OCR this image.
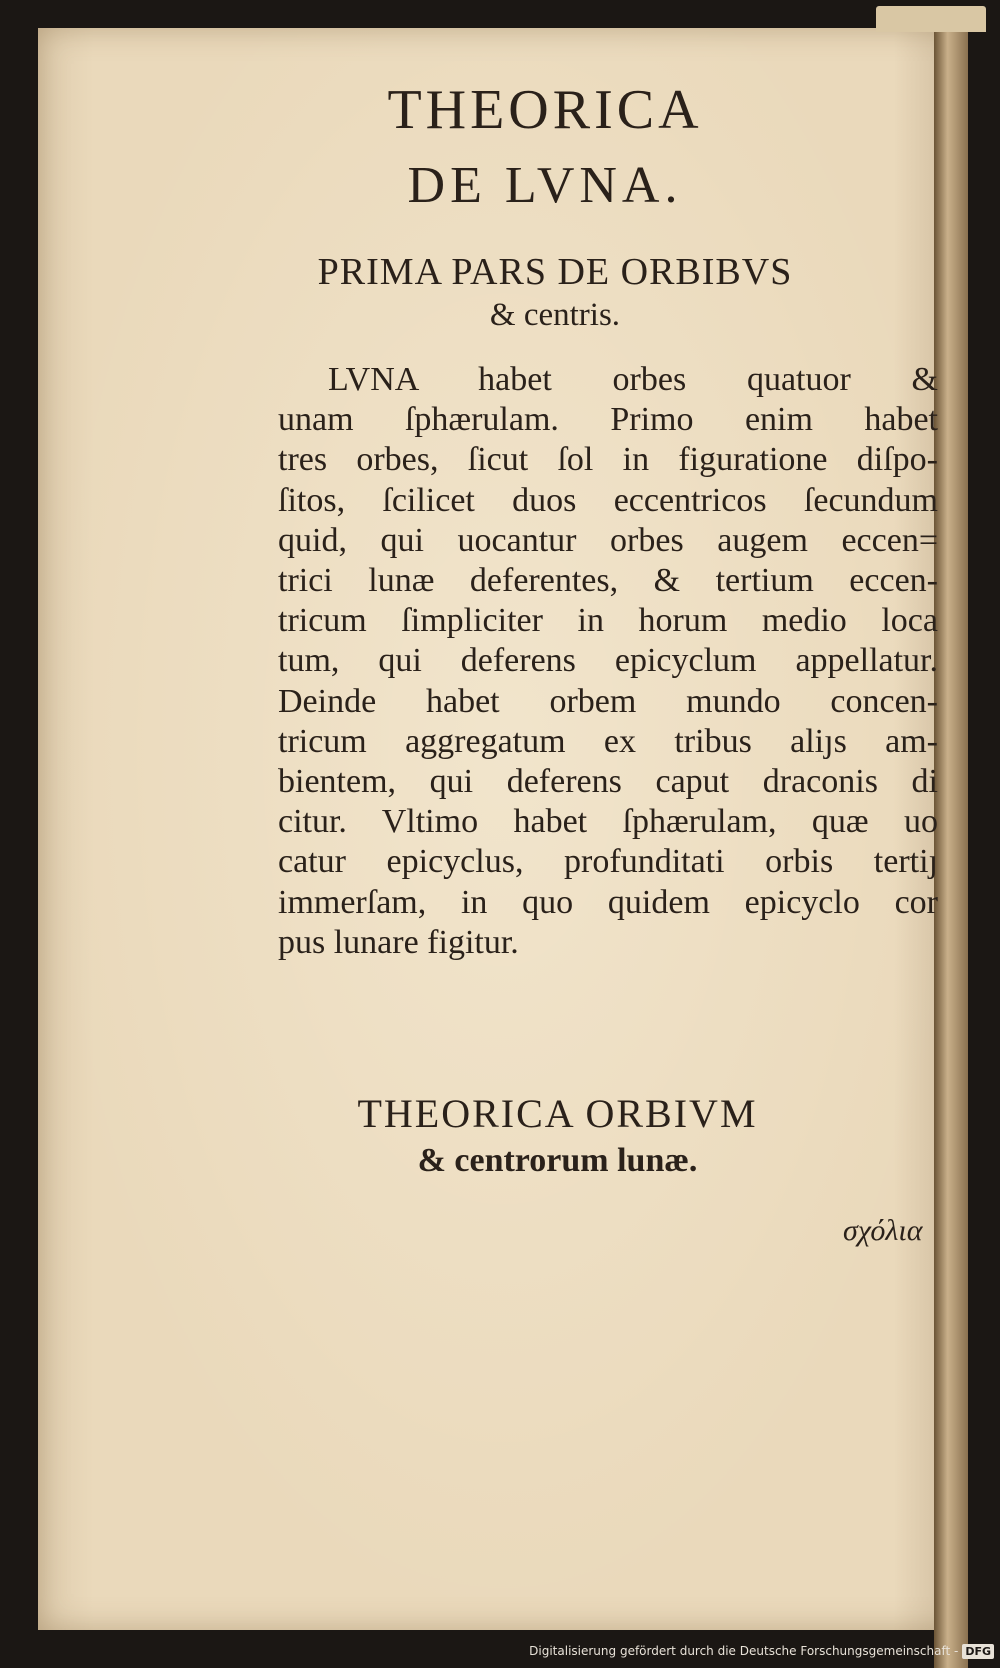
THEORICA
DE LVNA.
PRIMA PARS DE ORBIBVS
& centris.
LVNA habet orbes quatuor &
unam ſphærulam. Primo enim habet
tres orbes, ſicut ſol in figuratione diſpo-
ſitos, ſcilicet duos eccentricos ſecundum
quid, qui uocantur orbes augem eccen=
trici lunæ deferentes, & tertium eccen-
tricum ſimpliciter in horum medio loca
tum, qui deferens epicyclum appellatur.
Deinde habet orbem mundo concen-
tricum aggregatum ex tribus aliȷs am-
bientem, qui deferens caput draconis di
citur. Vltimo habet ſphærulam, quæ uo
catur epicyclus, profunditati orbis tertiȷ
immerſam, in quo quidem epicyclo cor
pus lunare figitur.
THEORICA ORBIVM
& centrorum lunæ.
σχόλια
Digitalisierung gefördert durch die Deutsche Forschungsgemeinschaft - DFG
